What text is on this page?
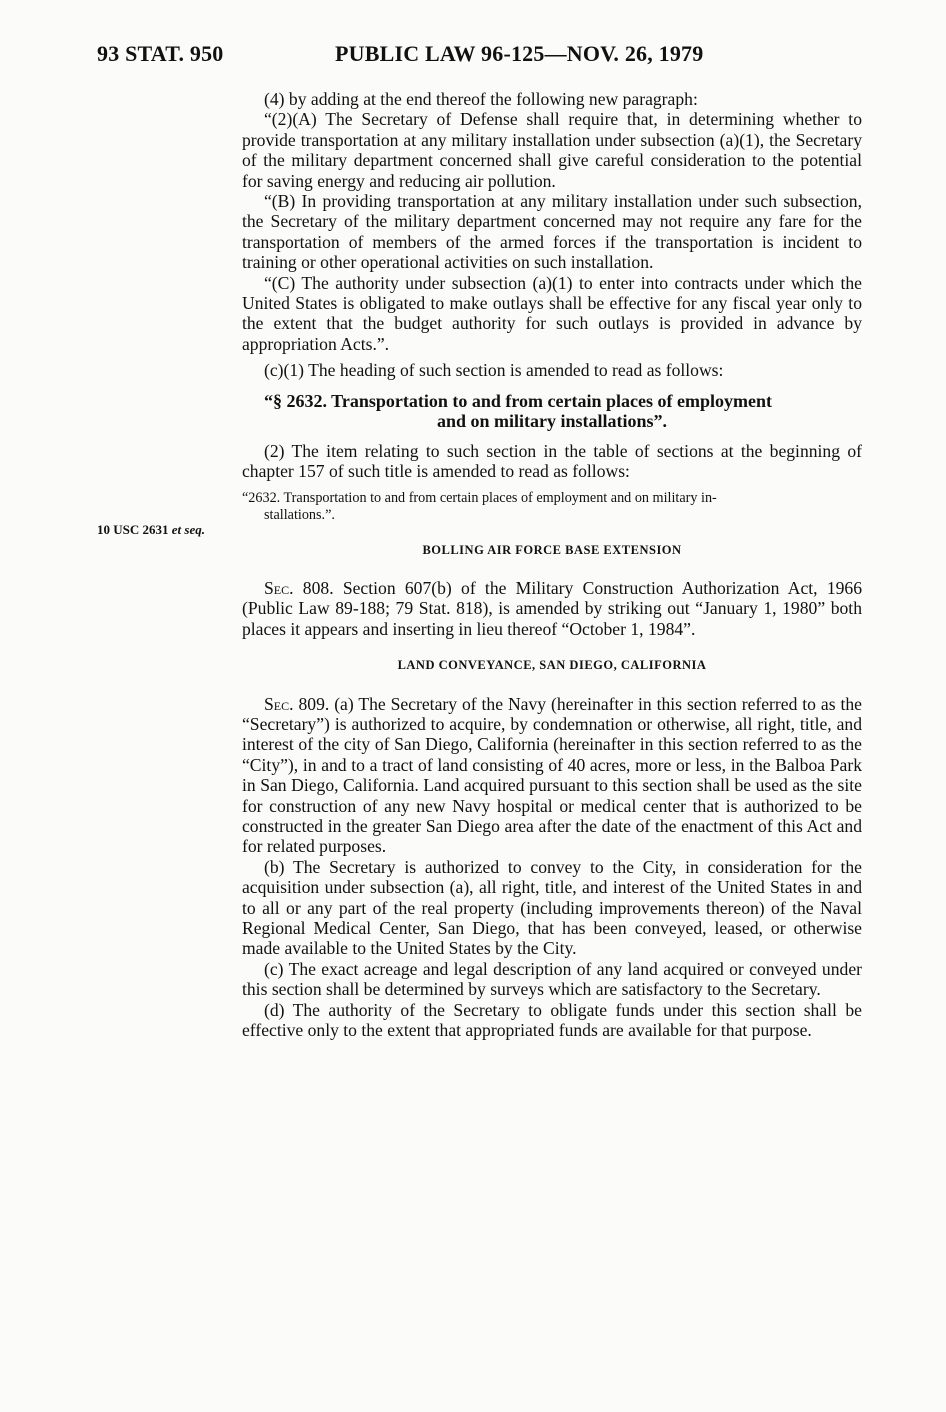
93 STAT. 950	PUBLIC LAW 96-125—NOV. 26, 1979
10 USC 2631 et seq.

(4) by adding at the end thereof the following new paragraph:

“(2)(A) The Secretary of Defense shall require that, in determining whether to provide transportation at any military installation under subsection (a)(1), the Secretary of the military department concerned shall give careful consideration to the potential for saving energy and reducing air pollution.

“(B) In providing transportation at any military installation under such subsection, the Secretary of the military department concerned may not require any fare for the transportation of members of the armed forces if the transportation is incident to training or other operational activities on such installation.

“(C) The authority under subsection (a)(1) to enter into contracts under which the United States is obligated to make outlays shall be effective for any fiscal year only to the extent that the budget authority for such outlays is provided in advance by appropriation Acts.”.

(c)(1) The heading of such section is amended to read as follows:

“§ 2632. Transportation to and from certain places of employment
and on military installations”.

(2) The item relating to such section in the table of sections at the beginning of chapter 157 of such title is amended to read as follows:

“2632. Transportation to and from certain places of employment and on military in-
stallations.”.

BOLLING AIR FORCE BASE EXTENSION

Sec. 808. Section 607(b) of the Military Construction Authorization Act, 1966 (Public Law 89-188; 79 Stat. 818), is amended by striking out “January 1, 1980” both places it appears and inserting in lieu thereof “October 1, 1984”.

LAND CONVEYANCE, SAN DIEGO, CALIFORNIA

Sec. 809. (a) The Secretary of the Navy (hereinafter in this section referred to as the “Secretary”) is authorized to acquire, by condemnation or otherwise, all right, title, and interest of the city of San Diego, California (hereinafter in this section referred to as the “City”), in and to a tract of land consisting of 40 acres, more or less, in the Balboa Park in San Diego, California. Land acquired pursuant to this section shall be used as the site for construction of any new Navy hospital or medical center that is authorized to be constructed in the greater San Diego area after the date of the enactment of this Act and for related purposes.

(b) The Secretary is authorized to convey to the City, in consideration for the acquisition under subsection (a), all right, title, and interest of the United States in and to all or any part of the real property (including improvements thereon) of the Naval Regional Medical Center, San Diego, that has been conveyed, leased, or otherwise made available to the United States by the City.

(c) The exact acreage and legal description of any land acquired or conveyed under this section shall be determined by surveys which are satisfactory to the Secretary.

(d) The authority of the Secretary to obligate funds under this section shall be effective only to the extent that appropriated funds are available for that purpose.
